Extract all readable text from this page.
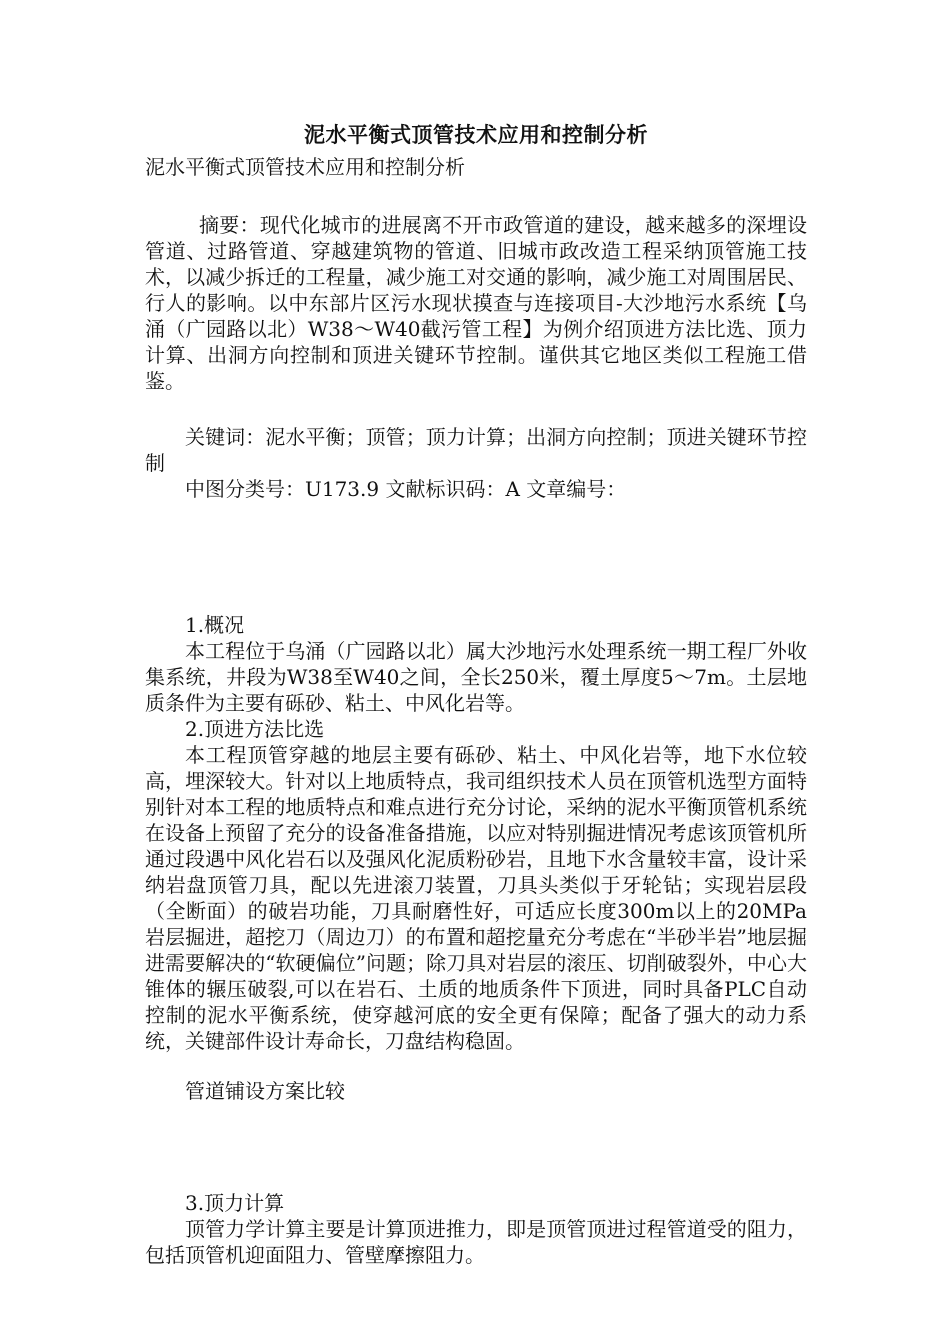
泥水平衡式顶管技术应用和控制分析
泥水平衡式顶管技术应用和控制分析

摘要：现代化城市的进展离不开市政管道的建设，越来越多的深埋设管道、过路管道、穿越建筑物的管道、旧城市政改造工程采纳顶管施工技术，以减少拆迁的工程量，减少施工对交通的影响，减少施工对周围居民、行人的影响。以中东部片区污水现状摸查与连接项目-大沙地污水系统【乌涌（广园路以北）W38～W40截污管工程】为例介绍顶进方法比选、顶力计算、出洞方向控制和顶进关键环节控制。谨供其它地区类似工程施工借鉴。

关键词：泥水平衡；顶管；顶力计算；出洞方向控制；顶进关键环节控制

中图分类号：U173.9 文献标识码：A 文章编号：

1.概况

本工程位于乌涌（广园路以北）属大沙地污水处理系统一期工程厂外收集系统，井段为W38至W40之间，全长250米，覆土厚度5～7m。土层地质条件为主要有砾砂、粘土、中风化岩等。

2.顶进方法比选

本工程顶管穿越的地层主要有砾砂、粘土、中风化岩等，地下水位较高，埋深较大。针对以上地质特点，我司组织技术人员在顶管机选型方面特别针对本工程的地质特点和难点进行充分讨论，采纳的泥水平衡顶管机系统在设备上预留了充分的设备准备措施，以应对特别掘进情况考虑该顶管机所通过段遇中风化岩石以及强风化泥质粉砂岩，且地下水含量较丰富，设计采纳岩盘顶管刀具，配以先进滚刀装置，刀具头类似于牙轮钻；实现岩层段（全断面）的破岩功能，刀具耐磨性好，可适应长度300m以上的20MPa岩层掘进，超挖刀（周边刀）的布置和超挖量充分考虑在“半砂半岩”地层掘进需要解决的“软硬偏位”问题；除刀具对岩层的滚压、切削破裂外，中心大锥体的辗压破裂,可以在岩石、土质的地质条件下顶进，同时具备PLC自动控制的泥水平衡系统，使穿越河底的安全更有保障；配备了强大的动力系统，关键部件设计寿命长，刀盘结构稳固。

管道铺设方案比较

3.顶力计算

顶管力学计算主要是计算顶进推力，即是顶管顶进过程管道受的阻力，包括顶管机迎面阻力、管壁摩擦阻力。
